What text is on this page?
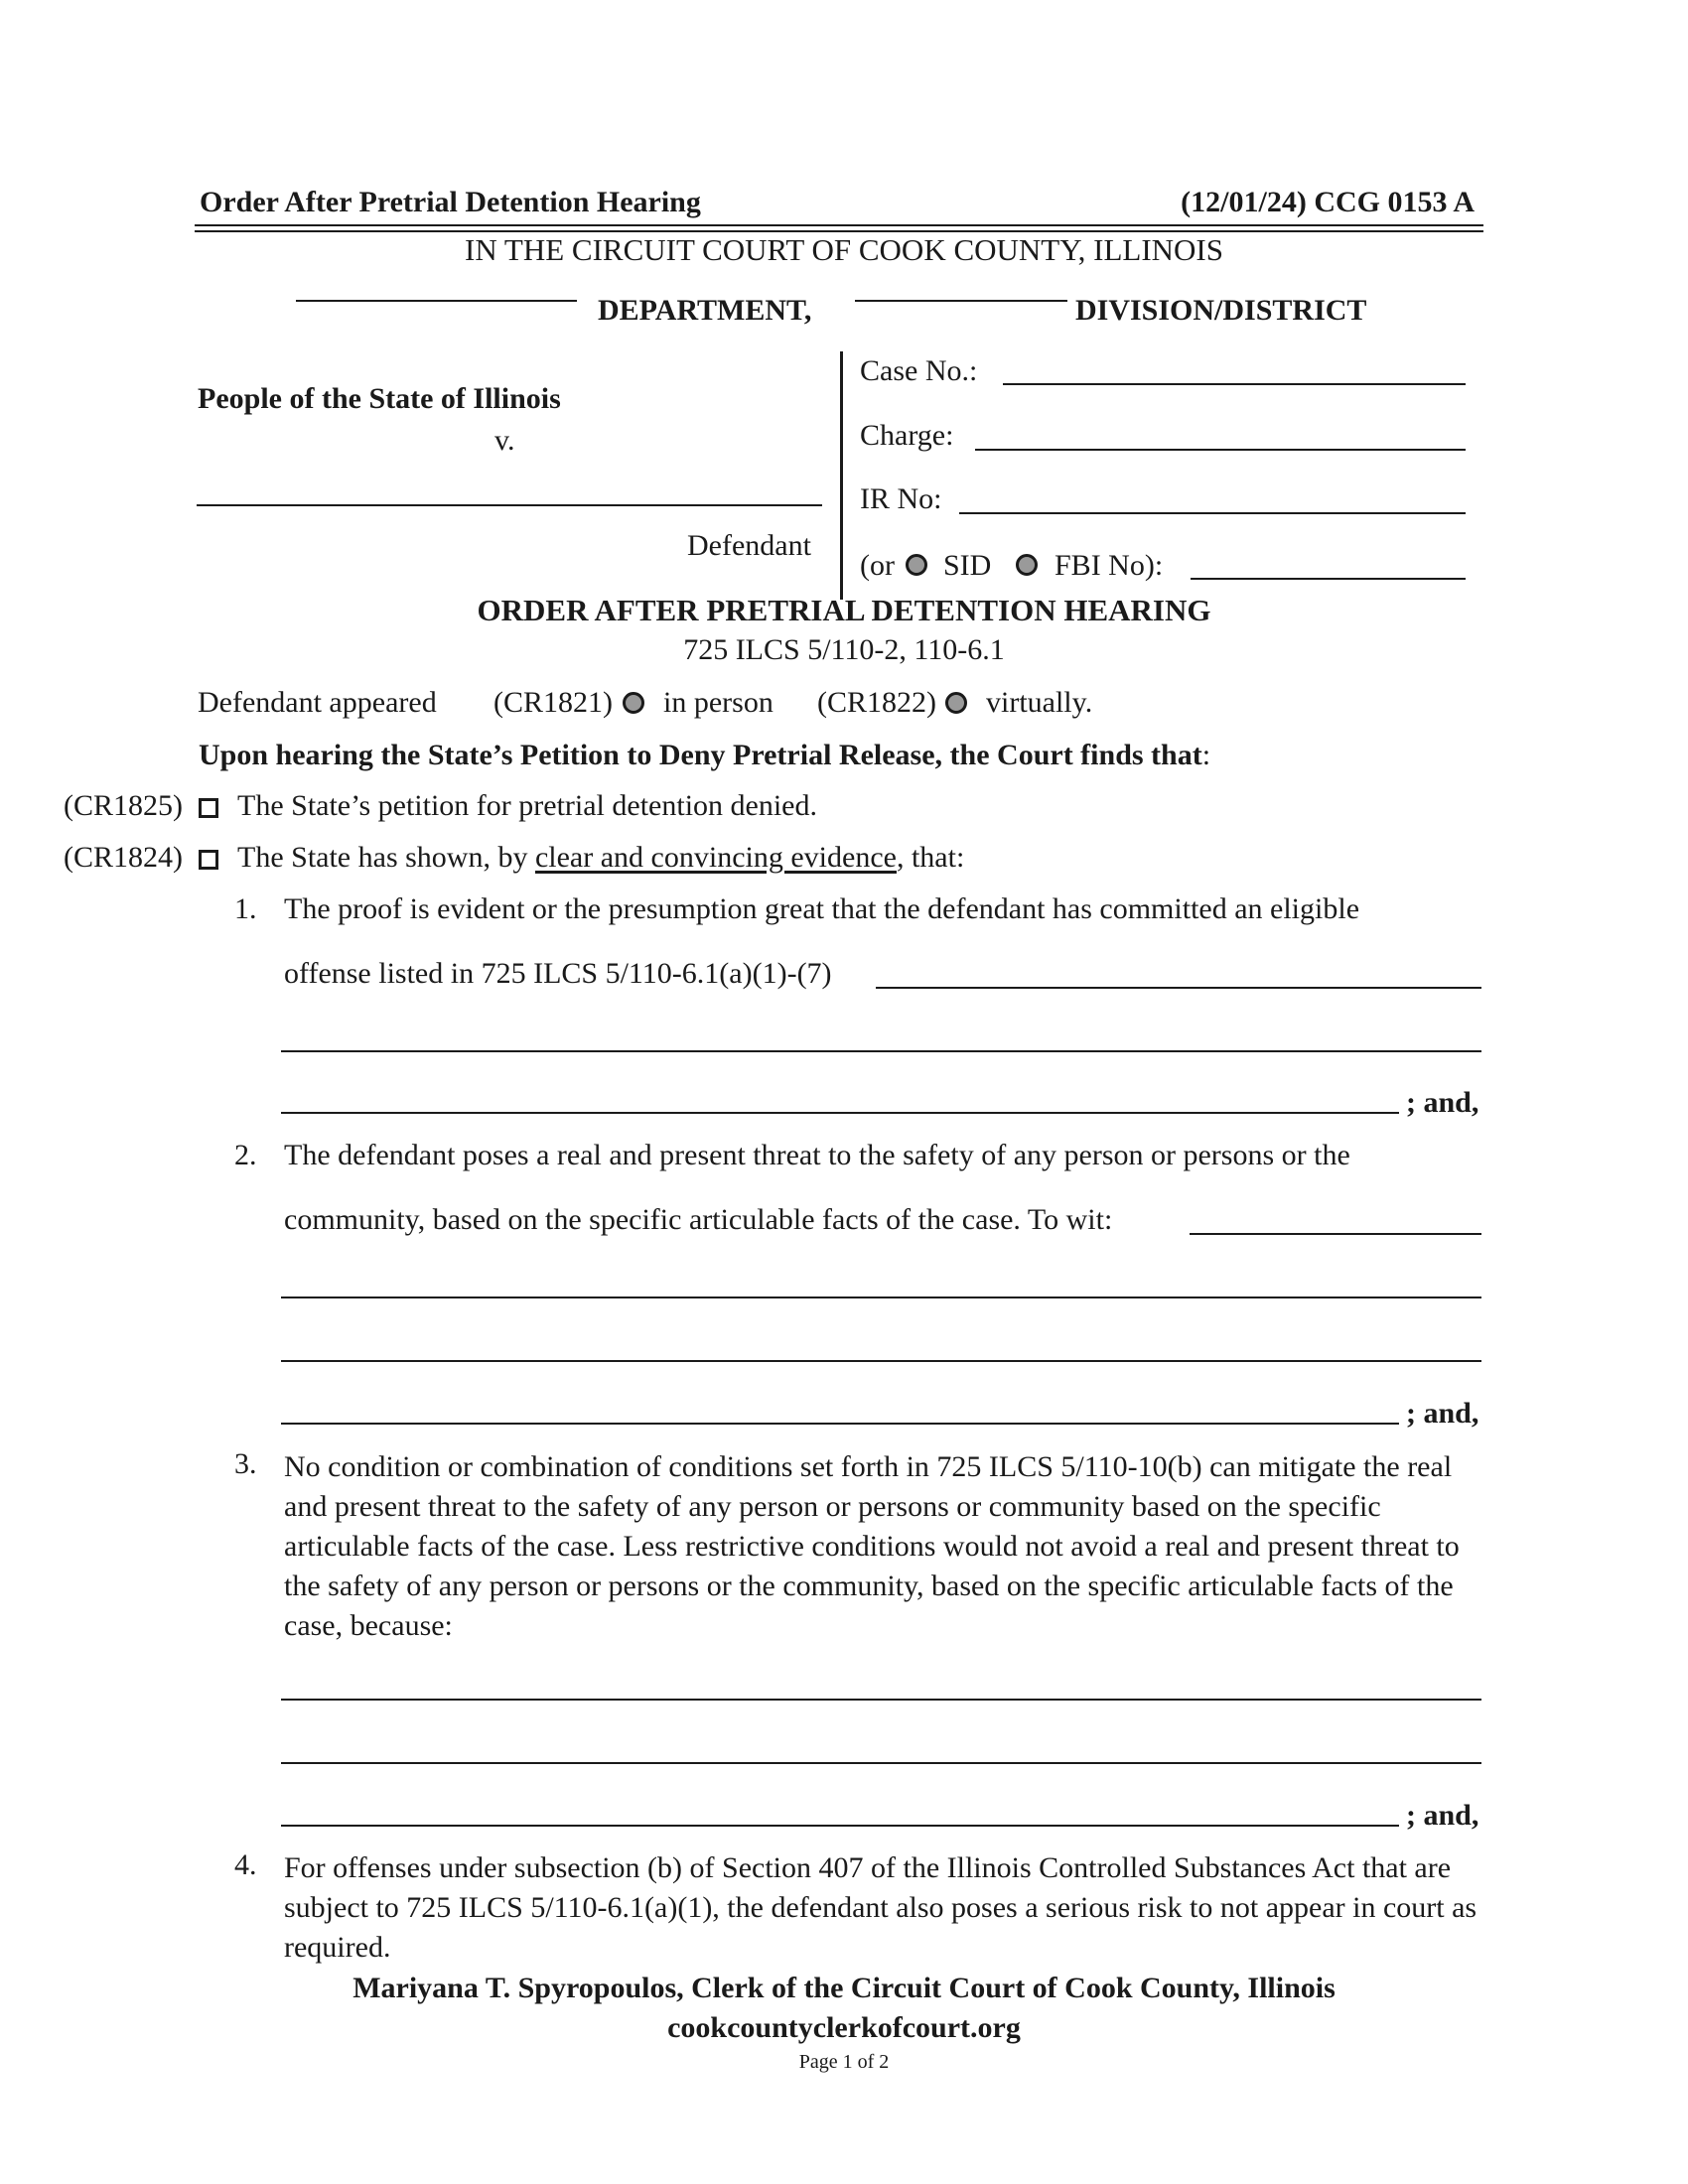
Order After Pretrial Detention Hearing	(12/01/24) CCG 0153 A
IN THE CIRCUIT COURT OF COOK COUNTY, ILLINOIS
DEPARTMENT,	DIVISION/DISTRICT
People of the State of Illinois
v.
Defendant
Case No.:
Charge:
IR No:
(or SID FBI No):
ORDER AFTER PRETRIAL DETENTION HEARING
725 ILCS 5/110-2, 110-6.1
Defendant appeared (CR1821) in person (CR1822) virtually.
Upon hearing the State’s Petition to Deny Pretrial Release, the Court finds that:
(CR1825) The State’s petition for pretrial detention denied.
(CR1824) The State has shown, by clear and convincing evidence, that:
1. The proof is evident or the presumption great that the defendant has committed an eligible
offense listed in 725 ILCS 5/110-6.1(a)(1)-(7)
; and,
2. The defendant poses a real and present threat to the safety of any person or persons or the
community, based on the specific articulable facts of the case. To wit:
; and,
3. No condition or combination of conditions set forth in 725 ILCS 5/110-10(b) can mitigate the real and present threat to the safety of any person or persons or community based on the specific articulable facts of the case. Less restrictive conditions would not avoid a real and present threat to the safety of any person or persons or the community, based on the specific articulable facts of the case, because:
; and,
4. For offenses under subsection (b) of Section 407 of the Illinois Controlled Substances Act that are subject to 725 ILCS 5/110-6.1(a)(1), the defendant also poses a serious risk to not appear in court as required.
Mariyana T. Spyropoulos, Clerk of the Circuit Court of Cook County, Illinois
cookcountyclerkofcourt.org
Page 1 of 2
